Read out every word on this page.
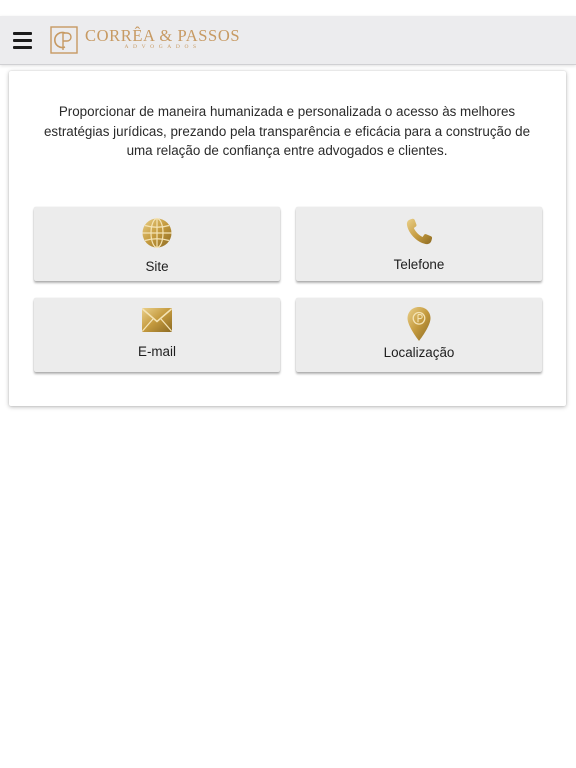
CORRÊA & PASSOS
ADVOGADOS

Proporcionar de maneira humanizada e personalizada o acesso às melhores estratégias jurídicas, prezando pela transparência e eficácia para a construção de uma relação de confiança entre advogados e clientes.

Site	Telefone
E-mail	Localização
